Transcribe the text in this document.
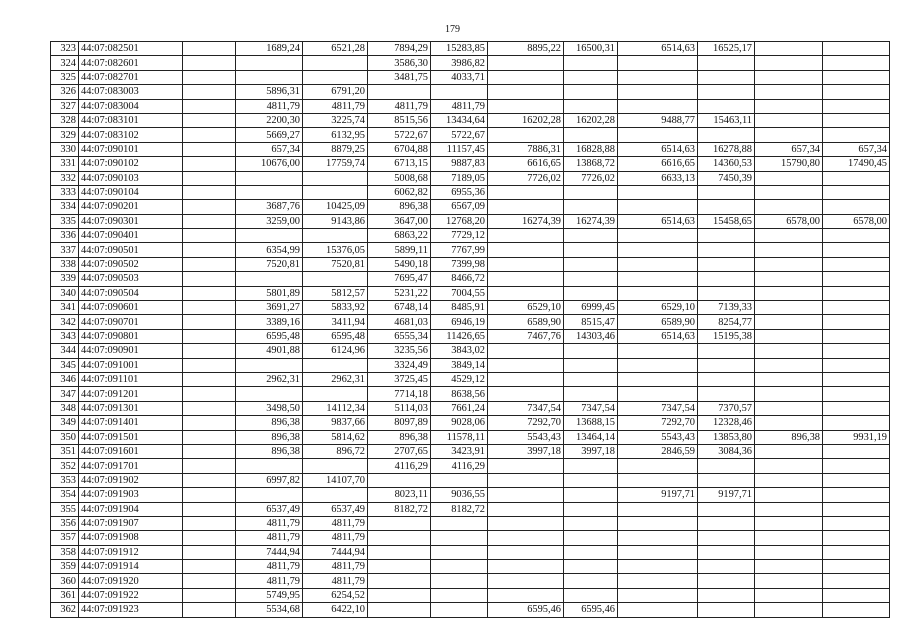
179
323	44:07:082501		1689,24	6521,28	7894,29	15283,85	8895,22	16500,31	6514,63	16525,17		
324	44:07:082601				3586,30	3986,82						
325	44:07:082701				3481,75	4033,71						
326	44:07:083003		5896,31	6791,20								
327	44:07:083004		4811,79	4811,79	4811,79	4811,79						
328	44:07:083101		2200,30	3225,74	8515,56	13434,64	16202,28	16202,28	9488,77	15463,11		
329	44:07:083102		5669,27	6132,95	5722,67	5722,67						
330	44:07:090101		657,34	8879,25	6704,88	11157,45	7886,31	16828,88	6514,63	16278,88	657,34	657,34
331	44:07:090102		10676,00	17759,74	6713,15	9887,83	6616,65	13868,72	6616,65	14360,53	15790,80	17490,45
332	44:07:090103				5008,68	7189,05	7726,02	7726,02	6633,13	7450,39		
333	44:07:090104				6062,82	6955,36						
334	44:07:090201		3687,76	10425,09	896,38	6567,09						
335	44:07:090301		3259,00	9143,86	3647,00	12768,20	16274,39	16274,39	6514,63	15458,65	6578,00	6578,00
336	44:07:090401				6863,22	7729,12						
337	44:07:090501		6354,99	15376,05	5899,11	7767,99						
338	44:07:090502		7520,81	7520,81	5490,18	7399,98						
339	44:07:090503				7695,47	8466,72						
340	44:07:090504		5801,89	5812,57	5231,22	7004,55						
341	44:07:090601		3691,27	5833,92	6748,14	8485,91	6529,10	6999,45	6529,10	7139,33		
342	44:07:090701		3389,16	3411,94	4681,03	6946,19	6589,90	8515,47	6589,90	8254,77		
343	44:07:090801		6595,48	6595,48	6555,34	11426,65	7467,76	14303,46	6514,63	15195,38		
344	44:07:090901		4901,88	6124,96	3235,56	3843,02						
345	44:07:091001				3324,49	3849,14						
346	44:07:091101		2962,31	2962,31	3725,45	4529,12						
347	44:07:091201				7714,18	8638,56						
348	44:07:091301		3498,50	14112,34	5114,03	7661,24	7347,54	7347,54	7347,54	7370,57		
349	44:07:091401		896,38	9837,66	8097,89	9028,06	7292,70	13688,15	7292,70	12328,46		
350	44:07:091501		896,38	5814,62	896,38	11578,11	5543,43	13464,14	5543,43	13853,80	896,38	9931,19
351	44:07:091601		896,38	896,72	2707,65	3423,91	3997,18	3997,18	2846,59	3084,36		
352	44:07:091701				4116,29	4116,29						
353	44:07:091902		6997,82	14107,70								
354	44:07:091903				8023,11	9036,55			9197,71	9197,71		
355	44:07:091904		6537,49	6537,49	8182,72	8182,72						
356	44:07:091907		4811,79	4811,79								
357	44:07:091908		4811,79	4811,79								
358	44:07:091912		7444,94	7444,94								
359	44:07:091914		4811,79	4811,79								
360	44:07:091920		4811,79	4811,79								
361	44:07:091922		5749,95	6254,52								
362	44:07:091923		5534,68	6422,10			6595,46	6595,46				
